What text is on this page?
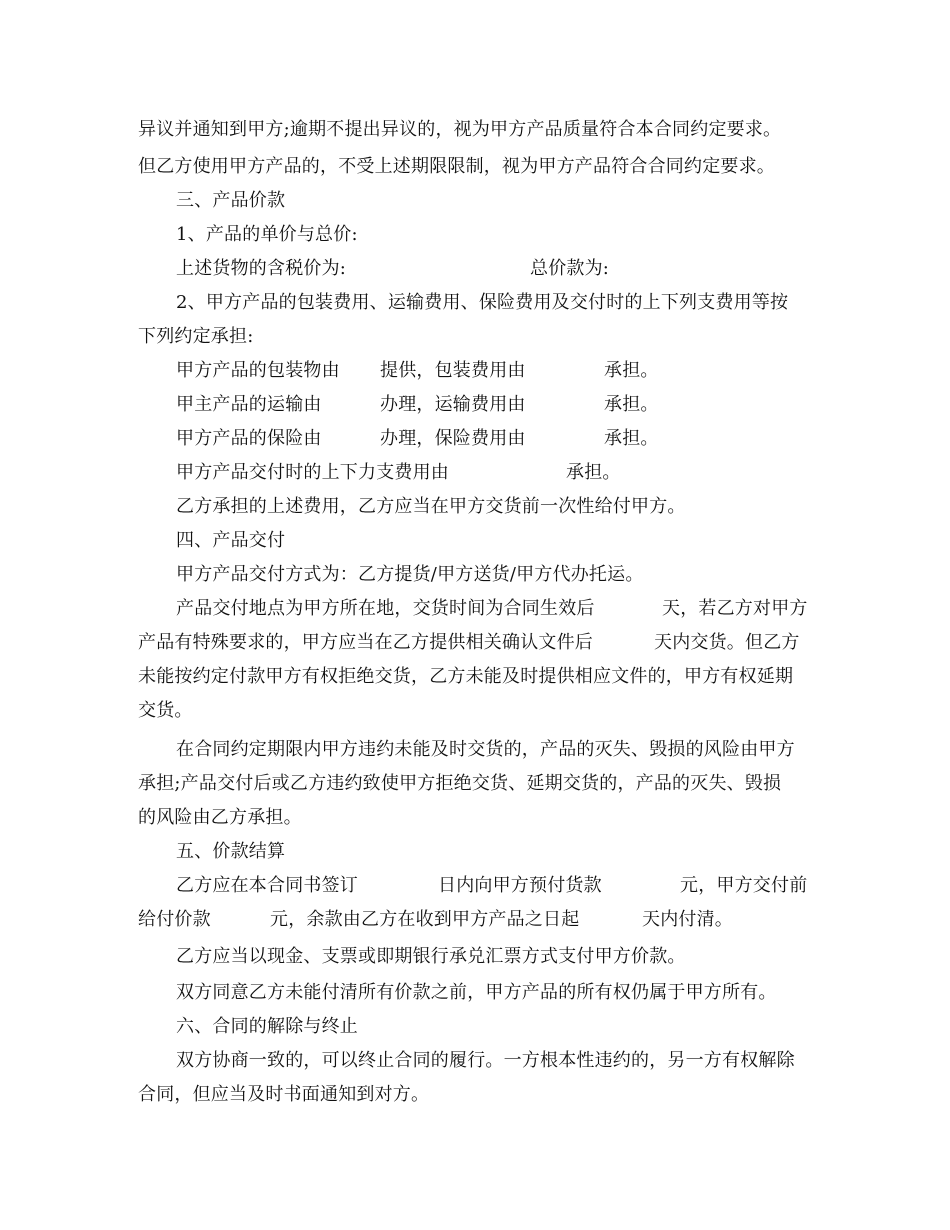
异议并通知到甲方;逾期不提出异议的，视为甲方产品质量符合本合同约定要求。
但乙方使用甲方产品的，不受上述期限限制，视为甲方产品符合合同约定要求。
三、产品价款
1、产品的单价与总价:
上述货物的含税价为:	总价款为:
2、甲方产品的包装费用、运输费用、保险费用及交付时的上下列支费用等按
下列约定承担:
甲方产品的包装物由 提供，包装费用由	承担。
甲主产品的运输由	办理，运输费用由	承担。
甲方产品的保险由	办理，保险费用由	承担。
甲方产品交付时的上下力支费用由	承担。
乙方承担的上述费用，乙方应当在甲方交货前一次性给付甲方。
四、产品交付
甲方产品交付方式为：乙方提货/甲方送货/甲方代办托运。
产品交付地点为甲方所在地，交货时间为合同生效后	天，若乙方对甲方
产品有特殊要求的，甲方应当在乙方提供相关确认文件后	天内交货。但乙方
未能按约定付款甲方有权拒绝交货，乙方未能及时提供相应文件的，甲方有权延期
交货。
在合同约定期限内甲方违约未能及时交货的，产品的灭失、毁损的风险由甲方
承担;产品交付后或乙方违约致使甲方拒绝交货、延期交货的，产品的灭失、毁损
的风险由乙方承担。
五、价款结算
乙方应在本合同书签订	日内向甲方预付货款	元，甲方交付前
给付价款	元，余款由乙方在收到甲方产品之日起	天内付清。
乙方应当以现金、支票或即期银行承兑汇票方式支付甲方价款。
双方同意乙方未能付清所有价款之前，甲方产品的所有权仍属于甲方所有。
六、合同的解除与终止
双方协商一致的，可以终止合同的履行。一方根本性违约的，另一方有权解除
合同，但应当及时书面通知到对方。
